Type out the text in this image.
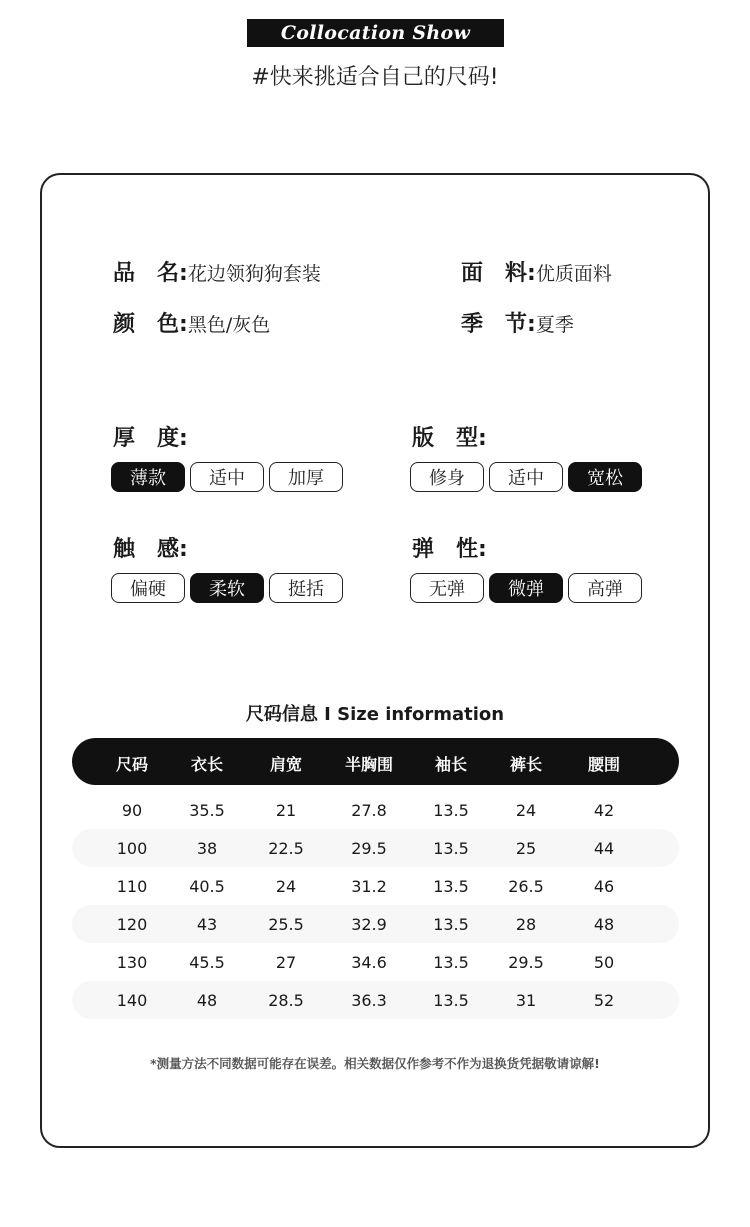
Collocation Show
#快来挑适合自己的尺码!
品 名: 花边领狗狗套装	面 料: 优质面料
颜 色: 黑色/灰色	季 节: 夏季
厚 度:	版 型:
触 感:	弹 性:
薄款	适中	加厚	修身	适中	宽松
偏硬	柔软	挺括	无弹	微弹	高弹
尺码信息 I Size information
尺码	衣长	肩宽	半胸围	袖长	裤长	腰围
90	35.5	21	27.8	13.5	24	42
100	38	22.5	29.5	13.5	25	44
110	40.5	24	31.2	13.5	26.5	46
120	43	25.5	32.9	13.5	28	48
130	45.5	27	34.6	13.5	29.5	50
140	48	28.5	36.3	13.5	31	52
*测量方法不同数据可能存在误差。相关数据仅作参考不作为退换货凭据敬请谅解!
